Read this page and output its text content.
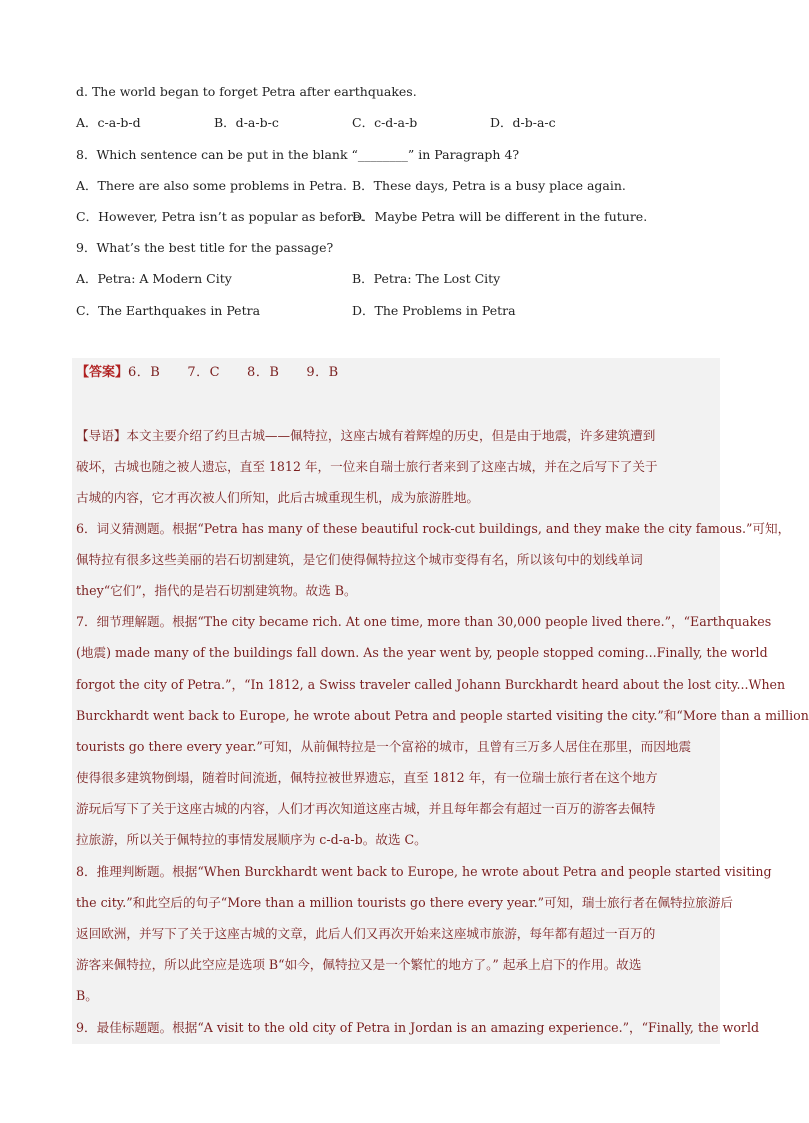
d. The world began to forget Petra after earthquakes.
A．c-a-b-d	B．d-a-b-c	C．c-d-a-b	D．d-b-a-c
8．Which sentence can be put in the blank “________” in Paragraph 4?
A．There are also some problems in Petra. B．These days, Petra is a busy place again.
C．However, Petra isn’t as popular as before.
D．Maybe Petra will be different in the future.
9．What’s the best title for the passage?
A．Petra: A Modern City	B．Petra: The Lost City
C．The Earthquakes in Petra	D．The Problems in Petra
【答案】6．B　　7．C　　8．B　　9．B
【导语】本文主要介绍了约旦古城——佩特拉，这座古城有着辉煌的历史，但是由于地震，许多建筑遭到
破坏，古城也随之被人遗忘，直至 1812 年，一位来自瑞士旅行者来到了这座古城，并在之后写下了关于
古城的内容，它才再次被人们所知，此后古城重现生机，成为旅游胜地。
6．词义猜测题。根据“Petra has many of these beautiful rock-cut buildings, and they make the city famous.”可知，
佩特拉有很多这些美丽的岩石切割建筑，是它们使得佩特拉这个城市变得有名，所以该句中的划线单词
they“它们”，指代的是岩石切割建筑物。故选 B。
7．细节理解题。根据“The city became rich. At one time, more than 30,000 people lived there.”，“Earthquakes
(地震) made many of the buildings fall down. As the year went by, people stopped coming...Finally, the world
forgot the city of Petra.”，“In 1812, a Swiss traveler called Johann Burckhardt heard about the lost city...When
Burckhardt went back to Europe, he wrote about Petra and people started visiting the city.”和“More than a million
tourists go there every year.”可知，从前佩特拉是一个富裕的城市，且曾有三万多人居住在那里，而因地震
使得很多建筑物倒塌，随着时间流逝，佩特拉被世界遗忘，直至 1812 年，有一位瑞士旅行者在这个地方
游玩后写下了关于这座古城的内容，人们才再次知道这座古城，并且每年都会有超过一百万的游客去佩特
拉旅游，所以关于佩特拉的事情发展顺序为 c-d-a-b。故选 C。
8．推理判断题。根据“When Burckhardt went back to Europe, he wrote about Petra and people started visiting
the city.”和此空后的句子“More than a million tourists go there every year.”可知，瑞士旅行者在佩特拉旅游后
返回欧洲，并写下了关于这座古城的文章，此后人们又再次开始来这座城市旅游，每年都有超过一百万的
游客来佩特拉，所以此空应是选项 B“如今，佩特拉又是一个繁忙的地方了。” 起承上启下的作用。故选
B。
9．最佳标题题。根据“A visit to the old city of Petra in Jordan is an amazing experience.”，“Finally, the world
